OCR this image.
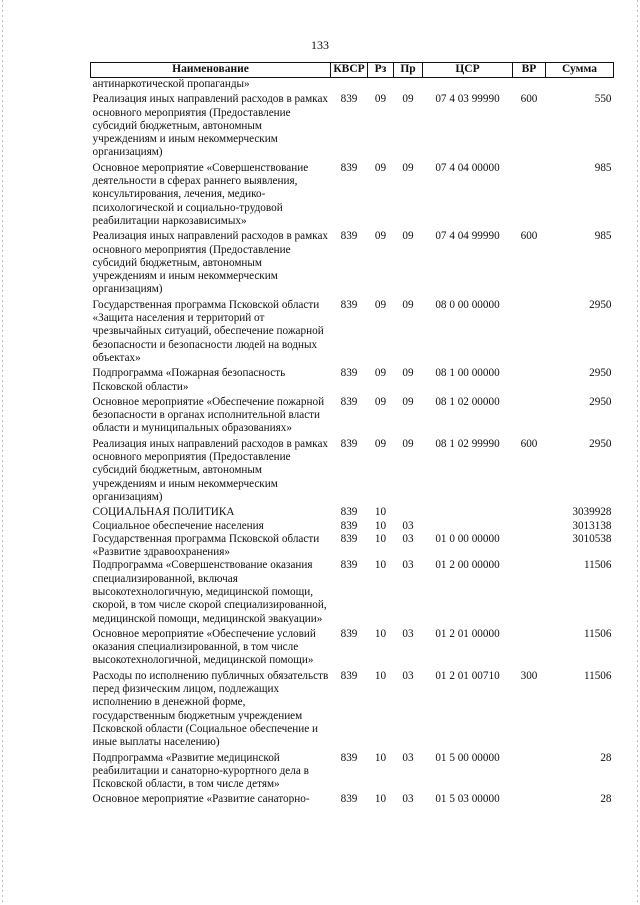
133
Наименование	КВСР	Рз	Пр	ЦСР	ВР	Сумма
антинаркотической пропаганды»						
Реализация иных направлений расходов в рамках основного мероприятия (Предоставление субсидий бюджетным, автономным учреждениям и иным некоммерческим организациям)	839	09	09	07 4 03 99990	600	550
Основное мероприятие «Совершенствование деятельности в сферах раннего выявления, консультирования, лечения, медико-психологической и социально-трудовой реабилитации наркозависимых»	839	09	09	07 4 04 00000		985
Реализация иных направлений расходов в рамках основного мероприятия (Предоставление субсидий бюджетным, автономным учреждениям и иным некоммерческим организациям)	839	09	09	07 4 04 99990	600	985
Государственная программа Псковской области «Защита населения и территорий от чрезвычайных ситуаций, обеспечение пожарной безопасности и безопасности людей на водных объектах»	839	09	09	08 0 00 00000		2950
Подпрограмма «Пожарная безопасность Псковской области»	839	09	09	08 1 00 00000		2950
Основное мероприятие «Обеспечение пожарной безопасности в органах исполнительной власти области и муниципальных образованиях»	839	09	09	08 1 02 00000		2950
Реализация иных направлений расходов в рамках основного мероприятия (Предоставление субсидий бюджетным, автономным учреждениям и иным некоммерческим организациям)	839	09	09	08 1 02 99990	600	2950
СОЦИАЛЬНАЯ ПОЛИТИКА	839	10				3039928
Социальное обеспечение населения	839	10	03			3013138
Государственная программа Псковской области «Развитие здравоохранения»	839	10	03	01 0 00 00000		3010538
Подпрограмма «Совершенствование оказания специализированной, включая высокотехнологичную, медицинской помощи, скорой, в том числе скорой специализированной, медицинской помощи, медицинской эвакуации»	839	10	03	01 2 00 00000		11506
Основное мероприятие «Обеспечение условий оказания специализированной, в том числе высокотехнологичной, медицинской помощи»	839	10	03	01 2 01 00000		11506
Расходы по исполнению публичных обязательств перед физическим лицом, подлежащих исполнению в денежной форме, государственным бюджетным учреждением Псковской области (Социальное обеспечение и иные выплаты населению)	839	10	03	01 2 01 00710	300	11506
Подпрограмма «Развитие медицинской реабилитации и санаторно-курортного дела в Псковской области, в том числе детям»	839	10	03	01 5 00 00000		28
Основное мероприятие «Развитие санаторно-	839	10	03	01 5 03 00000		28
